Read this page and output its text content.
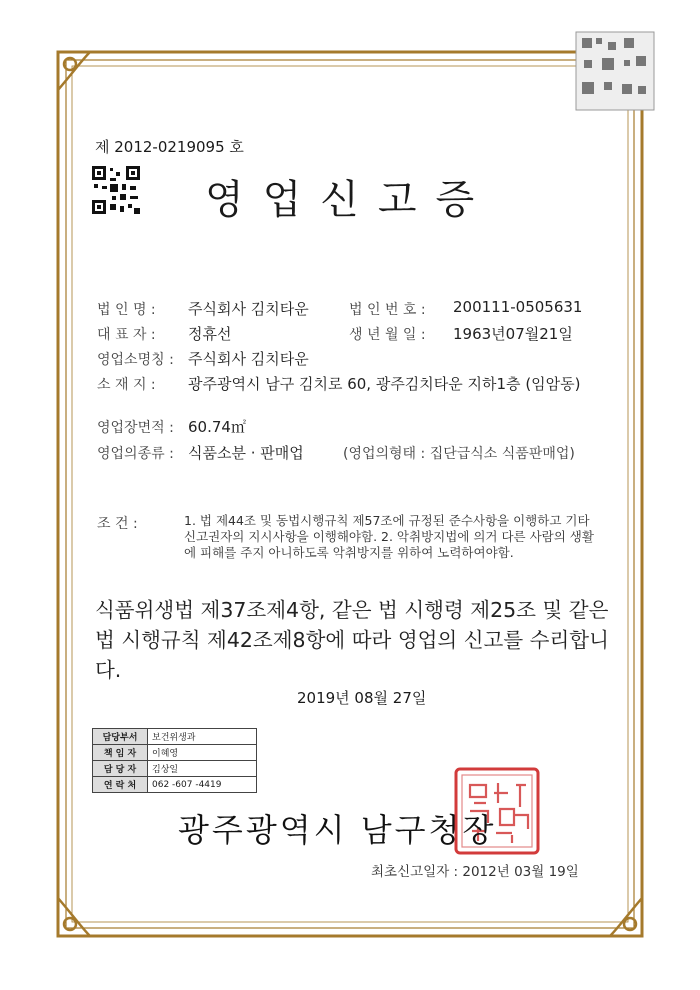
제 2012-0219095 호
영업신고증
법 인 명 : 주식회사 김치타운	법 인 번 호 : 200111-0505631
대 표 자 : 정휴선	생 년 월 일 : 1963년07월21일
영업소명칭 : 주식회사 김치타운
소 재 지 : 광주광역시 남구 김치로 60, 광주김치타운 지하1층 (임암동)
영업장면적 : 60.74㎡
영업의종류 : 식품소분 · 판매업	(영업의형태 : 집단급식소 식품판매업)
조 건 :	1. 법 제44조 및 동법시행규칙 제57조에 규정된 준수사항을 이행하고 기타 신고권자의 지시사항을 이행해야함. 2. 악취방지법에 의거 다른 사람의 생활에 피해를 주지 아니하도록 악취방지를 위하여 노력하여야함.
식품위생법 제37조제4항, 같은 법 시행령 제25조 및 같은 법 시행규칙 제42조제8항에 따라 영업의 신고를 수리합니다.
2019년 08월 27일
담당부서	보건위생과
책 임 자	이혜영
담 당 자	김상일
연 락 처	062 -607 -4419
광주광역시 남구청장
최초신고일자 : 2012년 03월 19일
